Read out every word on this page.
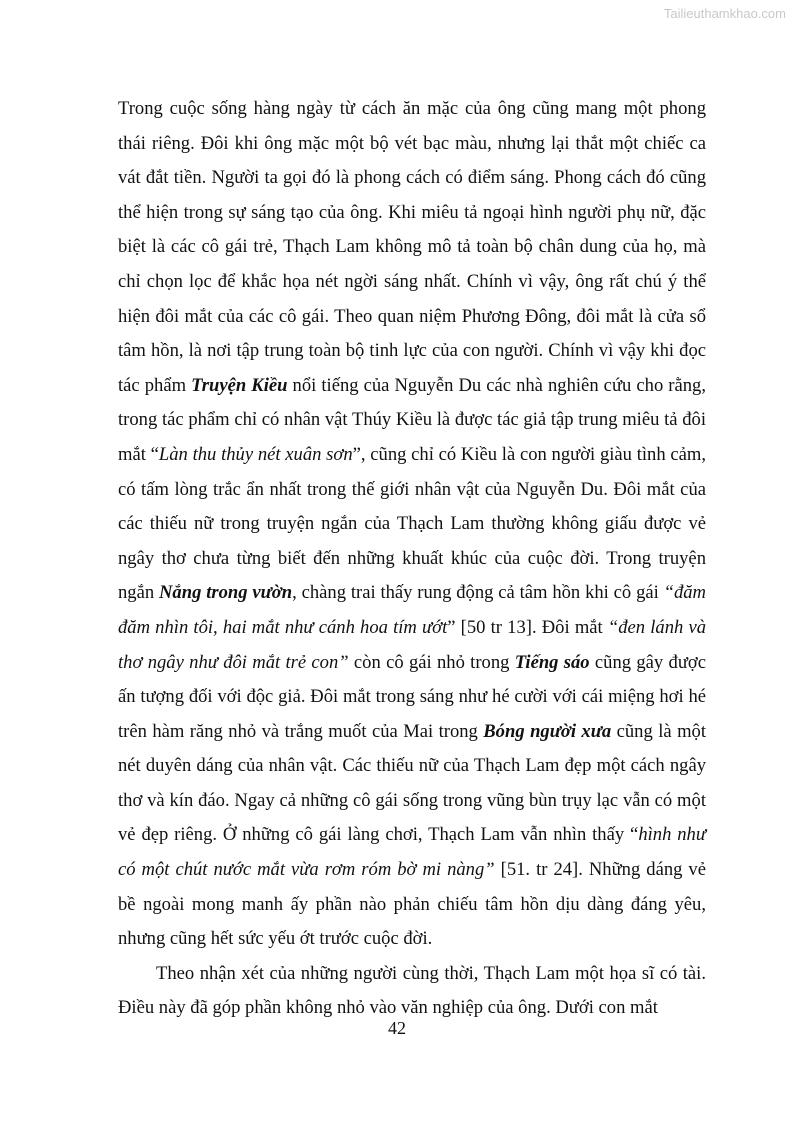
Tailieuthamkhao.com

Trong cuộc sống hàng ngày từ cách ăn mặc của ông cũng mang một phong thái riêng. Đôi khi ông mặc một bộ vét bạc màu, nhưng lại thắt một chiếc ca vát đắt tiền. Người ta gọi đó là phong cách có điểm sáng. Phong cách đó cũng thể hiện trong sự sáng tạo của ông. Khi miêu tả ngoại hình người phụ nữ, đặc biệt là các cô gái trẻ, Thạch Lam không mô tả toàn bộ chân dung của họ, mà chỉ chọn lọc để khắc họa nét ngời sáng nhất. Chính vì vậy, ông rất chú ý thể hiện đôi mắt của các cô gái. Theo quan niệm Phương Đông, đôi mắt là cửa sổ tâm hồn, là nơi tập trung toàn bộ tinh lực của con người. Chính vì vậy khi đọc tác phẩm Truyện Kiều nổi tiếng của Nguyễn Du các nhà nghiên cứu cho rằng, trong tác phẩm chỉ có nhân vật Thúy Kiều là được tác giả tập trung miêu tả đôi mắt “Làn thu thủy nét xuân sơn”, cũng chỉ có Kiều là con người giàu tình cảm, có tấm lòng trắc ẩn nhất trong thế giới nhân vật của Nguyễn Du. Đôi mắt của các thiếu nữ trong truyện ngắn của Thạch Lam thường không giấu được vẻ ngây thơ chưa từng biết đến những khuất khúc của cuộc đời. Trong truyện ngắn Nắng trong vườn, chàng trai thấy rung động cả tâm hồn khi cô gái “đăm đăm nhìn tôi, hai mắt như cánh hoa tím ướt” [50 tr 13]. Đôi mắt “đen lánh và thơ ngây như đôi mắt trẻ con” còn cô gái nhỏ trong Tiếng sáo cũng gây được ấn tượng đối với độc giả. Đôi mắt trong sáng như hé cười với cái miệng hơi hé trên hàm răng nhỏ và trắng muốt của Mai trong Bóng người xưa cũng là một nét duyên dáng của nhân vật. Các thiếu nữ của Thạch Lam đẹp một cách ngây thơ và kín đáo. Ngay cả những cô gái sống trong vũng bùn trụy lạc vẫn có một vẻ đẹp riêng. Ở những cô gái làng chơi, Thạch Lam vẫn nhìn thấy “hình như có một chút nước mắt vừa rơm róm bờ mi nàng” [51. tr 24]. Những dáng vẻ bề ngoài mong manh ấy phần nào phản chiếu tâm hồn dịu dàng đáng yêu, nhưng cũng hết sức yếu ớt trước cuộc đời.

Theo nhận xét của những người cùng thời, Thạch Lam một họa sĩ có tài. Điều này đã góp phần không nhỏ vào văn nghiệp của ông. Dưới con mắt

42
